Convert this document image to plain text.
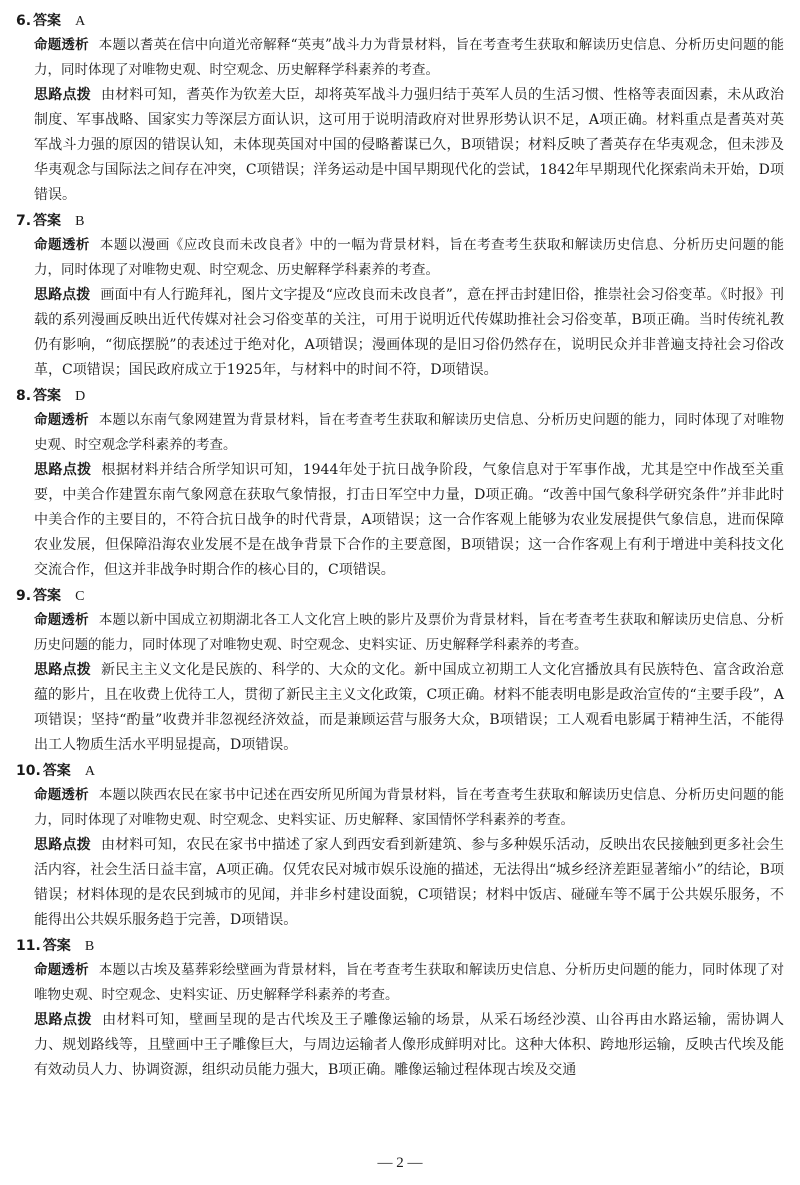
6. 答案 A

命题透析 本题以耆英在信中向道光帝解释“英夷”战斗力为背景材料，旨在考查考生获取和解读历史信息、分析历史问题的能力，同时体现了对唯物史观、时空观念、历史解释学科素养的考查。

思路点拨 由材料可知，耆英作为钦差大臣，却将英军战斗力强归结于英军人员的生活习惯、性格等表面因素，未从政治制度、军事战略、国家实力等深层方面认识，这可用于说明清政府对世界形势认识不足，A项正确。材料重点是耆英对英军战斗力强的原因的错误认知，未体现英国对中国的侵略蓄谋已久，B项错误；材料反映了耆英存在华夷观念，但未涉及华夷观念与国际法之间存在冲突，C项错误；洋务运动是中国早期现代化的尝试，1842年早期现代化探索尚未开始，D项错误。

7. 答案 B

命题透析 本题以漫画《应改良而未改良者》中的一幅为背景材料，旨在考查考生获取和解读历史信息、分析历史问题的能力，同时体现了对唯物史观、时空观念、历史解释学科素养的考查。

思路点拨 画面中有人行跪拜礼，图片文字提及“应改良而未改良者”，意在抨击封建旧俗，推崇社会习俗变革。《时报》刊载的系列漫画反映出近代传媒对社会习俗变革的关注，可用于说明近代传媒助推社会习俗变革，B项正确。当时传统礼教仍有影响，“彻底摆脱”的表述过于绝对化，A项错误；漫画体现的是旧习俗仍然存在，说明民众并非普遍支持社会习俗改革，C项错误；国民政府成立于1925年，与材料中的时间不符，D项错误。

8. 答案 D

命题透析 本题以东南气象网建置为背景材料，旨在考查考生获取和解读历史信息、分析历史问题的能力，同时体现了对唯物史观、时空观念学科素养的考查。

思路点拨 根据材料并结合所学知识可知，1944年处于抗日战争阶段，气象信息对于军事作战，尤其是空中作战至关重要，中美合作建置东南气象网意在获取气象情报，打击日军空中力量，D项正确。“改善中国气象科学研究条件”并非此时中美合作的主要目的，不符合抗日战争的时代背景，A项错误；这一合作客观上能够为农业发展提供气象信息，进而保障农业发展，但保障沿海农业发展不是在战争背景下合作的主要意图，B项错误；这一合作客观上有利于增进中美科技文化交流合作，但这并非战争时期合作的核心目的，C项错误。

9. 答案 C

命题透析 本题以新中国成立初期湖北各工人文化宫上映的影片及票价为背景材料，旨在考查考生获取和解读历史信息、分析历史问题的能力，同时体现了对唯物史观、时空观念、史料实证、历史解释学科素养的考查。

思路点拨 新民主主义文化是民族的、科学的、大众的文化。新中国成立初期工人文化宫播放具有民族特色、富含政治意蕴的影片，且在收费上优待工人，贯彻了新民主主义文化政策，C项正确。材料不能表明电影是政治宣传的“主要手段”，A项错误；坚持“酌量”收费并非忽视经济效益，而是兼顾运营与服务大众，B项错误；工人观看电影属于精神生活，不能得出工人物质生活水平明显提高，D项错误。

10. 答案 A

命题透析 本题以陕西农民在家书中记述在西安所见所闻为背景材料，旨在考查考生获取和解读历史信息、分析历史问题的能力，同时体现了对唯物史观、时空观念、史料实证、历史解释、家国情怀学科素养的考查。

思路点拨 由材料可知，农民在家书中描述了家人到西安看到新建筑、参与多种娱乐活动，反映出农民接触到更多社会生活内容，社会生活日益丰富，A项正确。仅凭农民对城市娱乐设施的描述，无法得出“城乡经济差距显著缩小”的结论，B项错误；材料体现的是农民到城市的见闻，并非乡村建设面貌，C项错误；材料中饭店、碰碰车等不属于公共娱乐服务，不能得出公共娱乐服务趋于完善，D项错误。

11. 答案 B

命题透析 本题以古埃及墓葬彩绘壁画为背景材料，旨在考查考生获取和解读历史信息、分析历史问题的能力，同时体现了对唯物史观、时空观念、史料实证、历史解释学科素养的考查。

思路点拨 由材料可知，壁画呈现的是古代埃及王子雕像运输的场景，从采石场经沙漠、山谷再由水路运输，需协调人力、规划路线等，且壁画中王子雕像巨大，与周边运输者人像形成鲜明对比。这种大体积、跨地形运输，反映古代埃及能有效动员人力、协调资源，组织动员能力强大，B项正确。雕像运输过程体现古埃及交通

— 2 —
